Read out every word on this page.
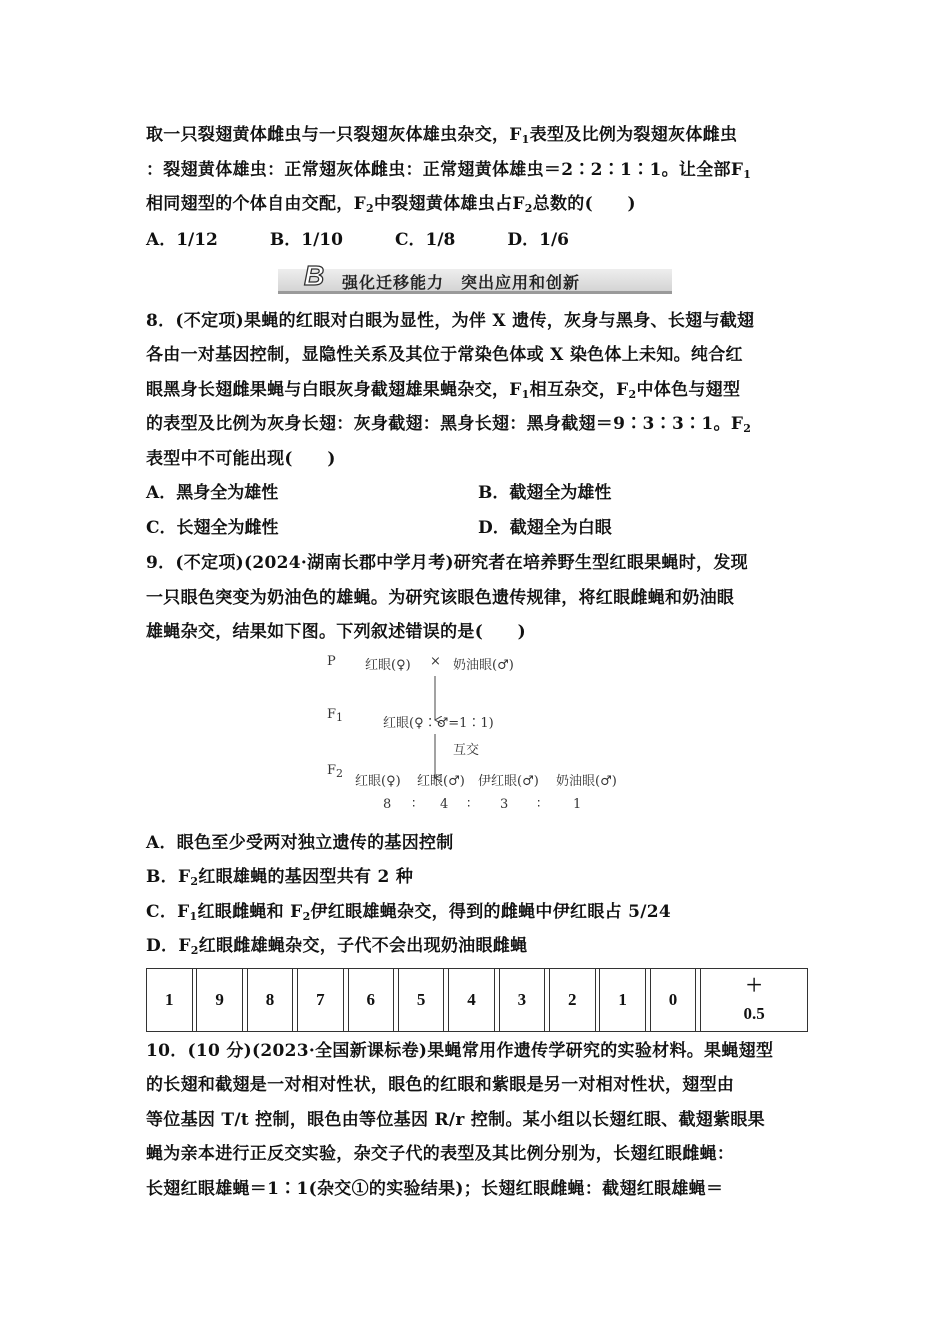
取一只裂翅黄体雌虫与一只裂翅灰体雄虫杂交，$F_1$表型及比例为裂翅灰体雌虫

：裂翅黄体雄虫：正常翅灰体雌虫：正常翅黄体雄虫＝2∶2∶1∶1。让全部$F_1$

相同翅型的个体自由交配，$F_2$中裂翅黄体雄虫占$F_2$总数的(　　)

A．1/12	B．1/10	C．1/8	D．1/6
B 强化迁移能力　突出应用和创新

8．(不定项)果蝇的红眼对白眼为显性，为伴 X 遗传，灰身与黑身、长翅与截翅

各由一对基因控制，显隐性关系及其位于常染色体或 X 染色体上未知。纯合红

眼黑身长翅雌果蝇与白眼灰身截翅雄果蝇杂交，$F_1$相互杂交，$F_2$中体色与翅型

的表型及比例为灰身长翅：灰身截翅：黑身长翅：黑身截翅＝9∶3∶3∶1。$F_2$

表型中不可能出现(　　)

A．黑身全为雄性	B．截翅全为雄性
C．长翅全为雌性	D．截翅全为白眼

9．(不定项)(2024·湖南长郡中学月考)研究者在培养野生型红眼果蝇时，发现

一只眼色突变为奶油色的雄蝇。为研究该眼色遗传规律，将红眼雌蝇和奶油眼

雄蝇杂交，结果如下图。下列叙述错误的是(　　)

P 红眼(♀) × 奶油眼(♂)
$F_1$	红眼(♀∶♂=1∶1)
互交
$F_2$
红眼(♀) 红眼(♂) 伊红眼(♂) 奶油眼(♂)
8 ∶ 4 ∶ 3 ∶	1

A．眼色至少受两对独立遗传的基因控制

B．$F_2$红眼雄蝇的基因型共有 2 种

C．$F_1$红眼雌蝇和 $F_2$伊红眼雄蝇杂交，得到的雌蝇中伊红眼占 5/24

D．$F_2$红眼雌雄蝇杂交，子代不会出现奶油眼雌蝇

1		9		8		7		6		5		4		3		2		1		0		＋
0.5

10．(10 分)(2023·全国新课标卷)果蝇常用作遗传学研究的实验材料。果蝇翅型

的长翅和截翅是一对相对性状，眼色的红眼和紫眼是另一对相对性状，翅型由

等位基因 T/t 控制，眼色由等位基因 R/r 控制。某小组以长翅红眼、截翅紫眼果

蝇为亲本进行正反交实验，杂交子代的表型及其比例分别为，长翅红眼雌蝇：

长翅红眼雄蝇＝1∶1(杂交①的实验结果)；长翅红眼雌蝇：截翅红眼雄蝇＝
